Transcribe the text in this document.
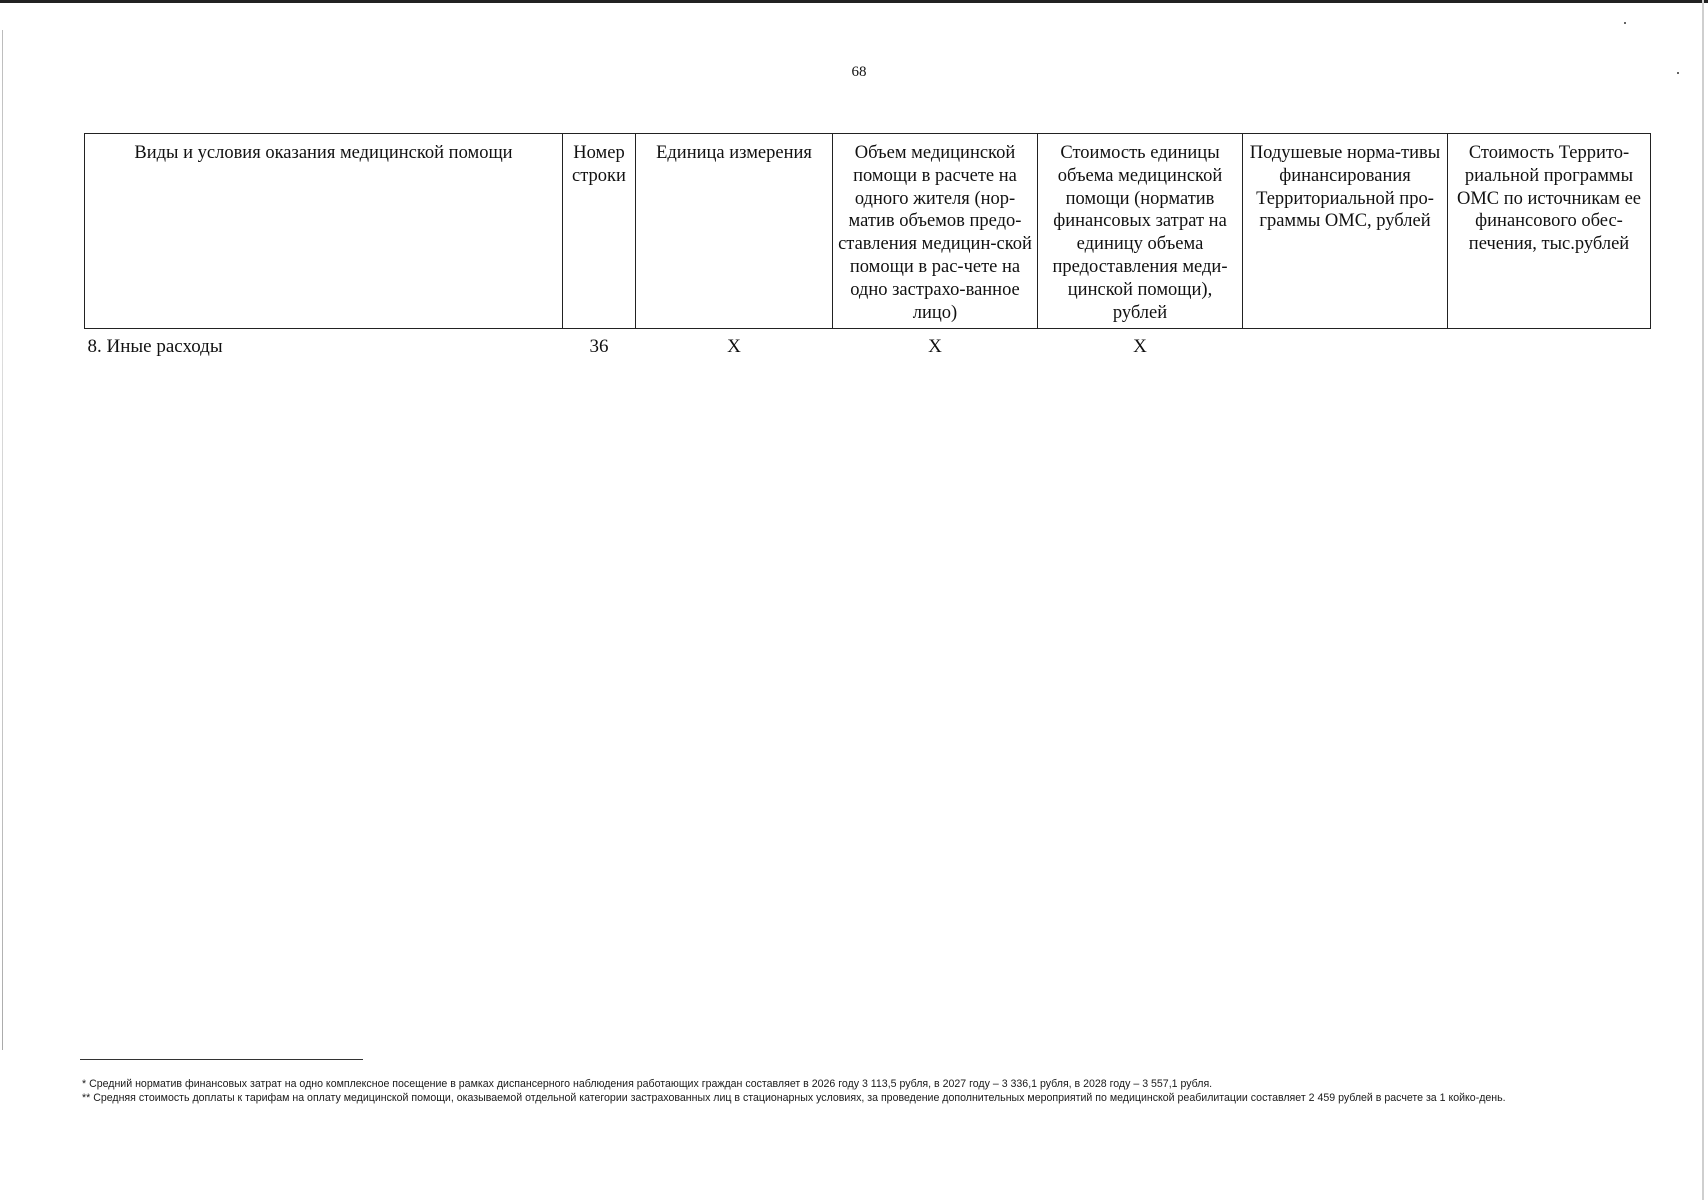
68
Виды и условия оказания медицинской помощи	Номер строки	Единица измерения	Объем медицинской помощи в расчете на одного жителя (нор-матив объемов предо-ставления медицин-ской помощи в рас-чете на одно застрахо-ванное лицо)	Стоимость единицы объема медицинской помощи (норматив финансовых затрат на единицу объема предоставления меди-цинской помощи), рублей	Подушевые норма-тивы финансирования Территориальной про-граммы ОМС, рублей	Стоимость Террито-риальной программы ОМС по источникам ее финансового обес-печения, тыс.рублей
8. Иные расходы	36	Х	Х	Х		

* Средний норматив финансовых затрат на одно комплексное посещение в рамках диспансерного наблюдения работающих граждан составляет в 2026 году 3 113,5 рубля, в 2027 году – 3 336,1 рубля, в 2028 году – 3 557,1 рубля.

** Средняя стоимость доплаты к тарифам на оплату медицинской помощи, оказываемой отдельной категории застрахованных лиц в стационарных условиях, за проведение дополнительных мероприятий по медицинской реабилитации составляет 2 459 рублей в расчете за 1 койко-день.
